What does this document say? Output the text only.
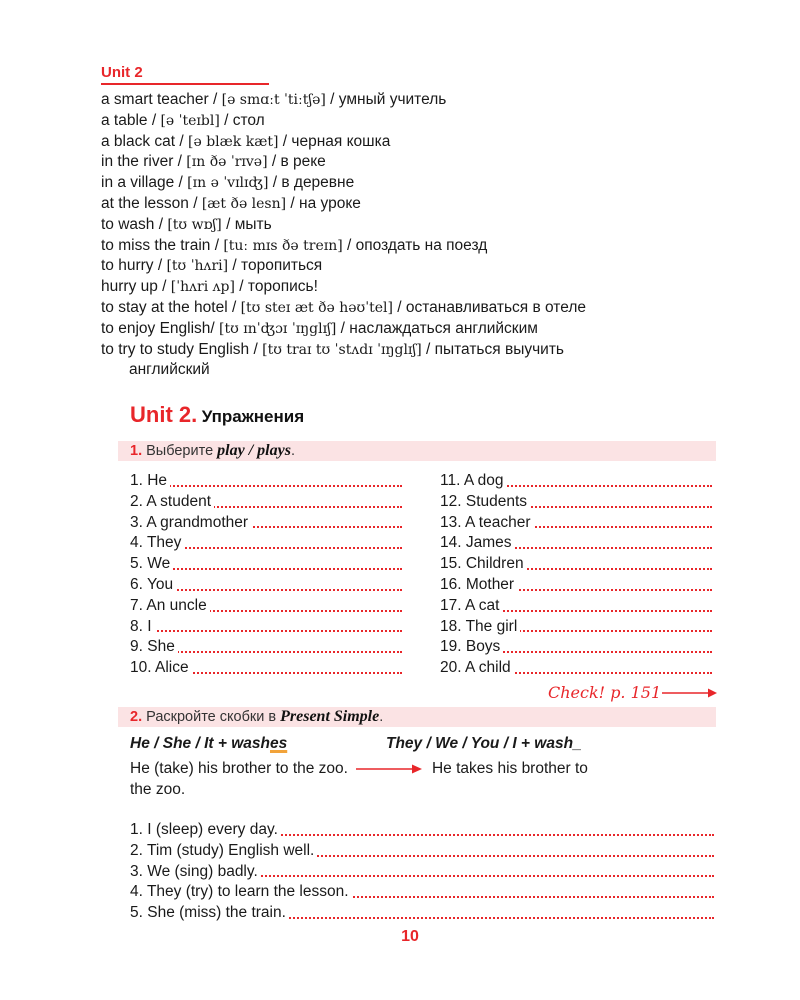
Unit 2
a smart teacher / [ə smɑːt ˈtiːtʃə] / умный учитель
a table / [ə ˈteɪbl] / стол
a black cat / [ə blæk kæt] / черная кошка
in the river / [ɪn ðə ˈrɪvə] / в реке
in a village / [ɪn ə ˈvɪlɪʤ] / в деревне
at the lesson / [æt ðə lesn] / на уроке
to wash / [tʊ wɒʃ] / мыть
to miss the train / [tuː mɪs ðə treɪn] / опоздать на поезд
to hurry / [tʊ ˈhʌri] / торопиться
hurry up / [ˈhʌri ʌp] / торопись!
to stay at the hotel / [tʊ steɪ æt ðə həʊˈtel] / останавливаться в отеле
to enjoy English/ [tʊ ɪnˈʤɔɪ ˈɪŋglɪʃ] / наслаждаться английским
to try to study English / [tʊ traɪ tʊ ˈstʌdɪ ˈɪŋglɪʃ] / пытаться выучить
английский
Unit 2. Упражнения
1. Выберите play / plays.
1. He
2. A student
3. A grandmother
4. They
5. We
6. You
7. An uncle
8. I
9. She
10. Alice
11. A dog
12. Students
13. A teacher
14. James
15. Children
16. Mother
17. A cat
18. The girl
19. Boys
20. A child
Check! p. 151
2. Раскройте скобки в Present Simple.
He / She / It + washes	They / We / You / I + wash_
He (take) his brother to the zoo.	He takes his brother to
the zoo.
1. I (sleep) every day.
2. Tim (study) English well.
3. We (sing) badly.
4. They (try) to learn the lesson.
5. She (miss) the train.
10
